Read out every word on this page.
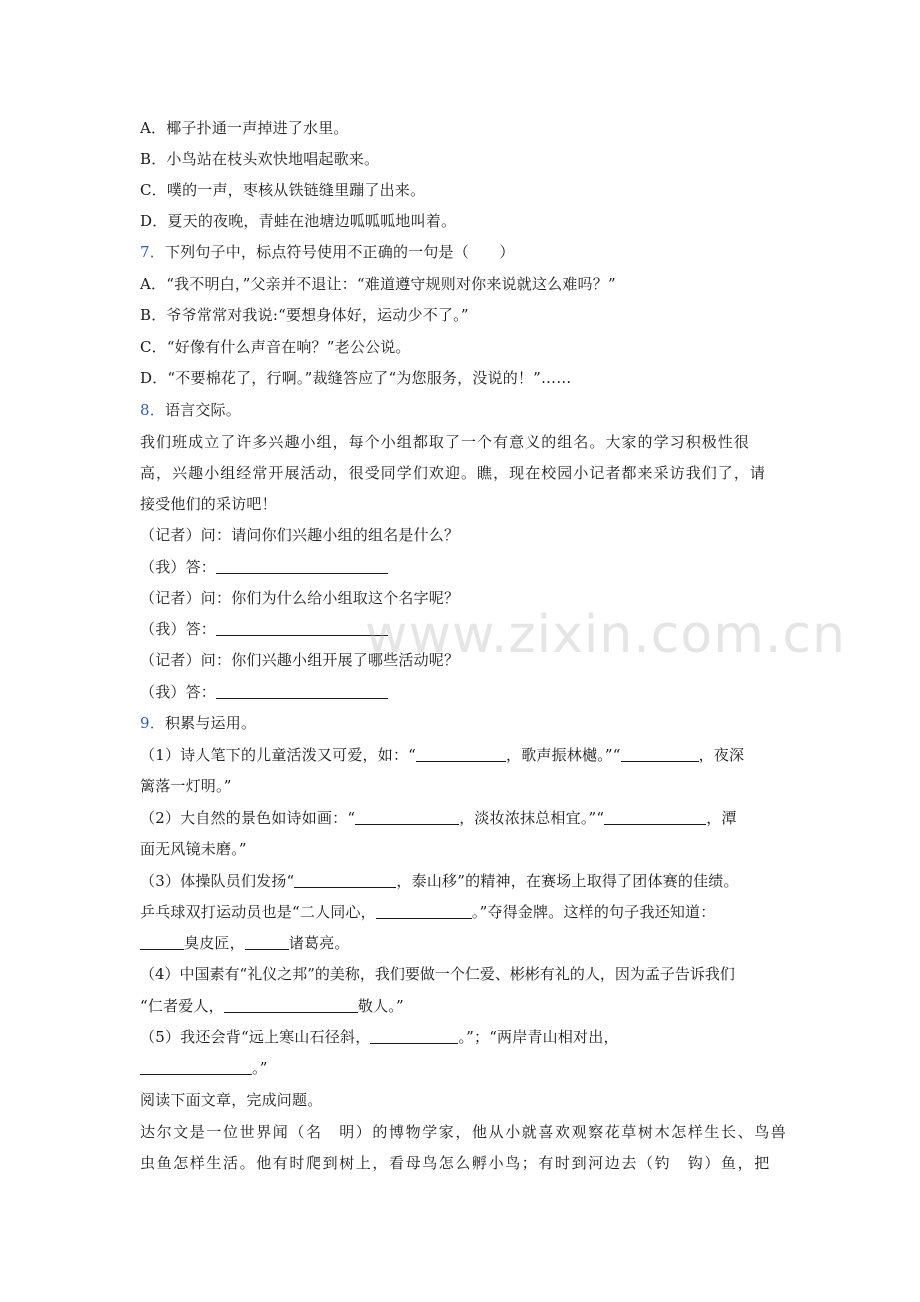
A．椰子扑通一声掉进了水里。
B．小鸟站在枝头欢快地唱起歌来。
C．噗的一声，枣核从铁链缝里蹦了出来。
D．夏天的夜晚，青蛙在池塘边呱呱呱地叫着。
7．下列句子中，标点符号使用不正确的一句是（　　）
A．“我不明白，”父亲并不退让：“难道遵守规则对你来说就这么难吗？”
B．爷爷常常对我说:“要想身体好，运动少不了。”
C．“好像有什么声音在响？”老公公说。
D．“不要棉花了，行啊。”裁缝答应了“为您服务，没说的！”……
8．语言交际。
我们班成立了许多兴趣小组，每个小组都取了一个有意义的组名。大家的学习积极性很
高，兴趣小组经常开展活动，很受同学们欢迎。瞧，现在校园小记者都来采访我们了，请
接受他们的采访吧！
（记者）问：请问你们兴趣小组的组名是什么？
（我）答：
（记者）问：你们为什么给小组取这个名字呢？
（我）答：
（记者）问：你们兴趣小组开展了哪些活动呢？
（我）答：
9．积累与运用。
（1）诗人笔下的儿童活泼又可爱，如：“	，歌声振林樾。”“	，夜深
篱落一灯明。”
（2）大自然的景色如诗如画：“	，淡妆浓抹总相宜。”“	，潭
面无风镜未磨。”
（3）体操队员们发扬“	，泰山移”的精神，在赛场上取得了团体赛的佳绩。
乒乓球双打运动员也是“二人同心，	。”夺得金牌。这样的句子我还知道：
臭皮匠，	诸葛亮。
（4）中国素有“礼仪之邦”的美称，我们要做一个仁爱、彬彬有礼的人，因为孟子告诉我们
“仁者爱人，	敬人。”
（5）我还会背“远上寒山石径斜，	。”；“两岸青山相对出，
。”
阅读下面文章，完成问题。
达尔文是一位世界闻（名　明）的博物学家，他从小就喜欢观察花草树木怎样生长、鸟兽
虫鱼怎样生活。他有时爬到树上，看母鸟怎么孵小鸟；有时到河边去（钓　钩）鱼，把
www.zixin.com.cn
